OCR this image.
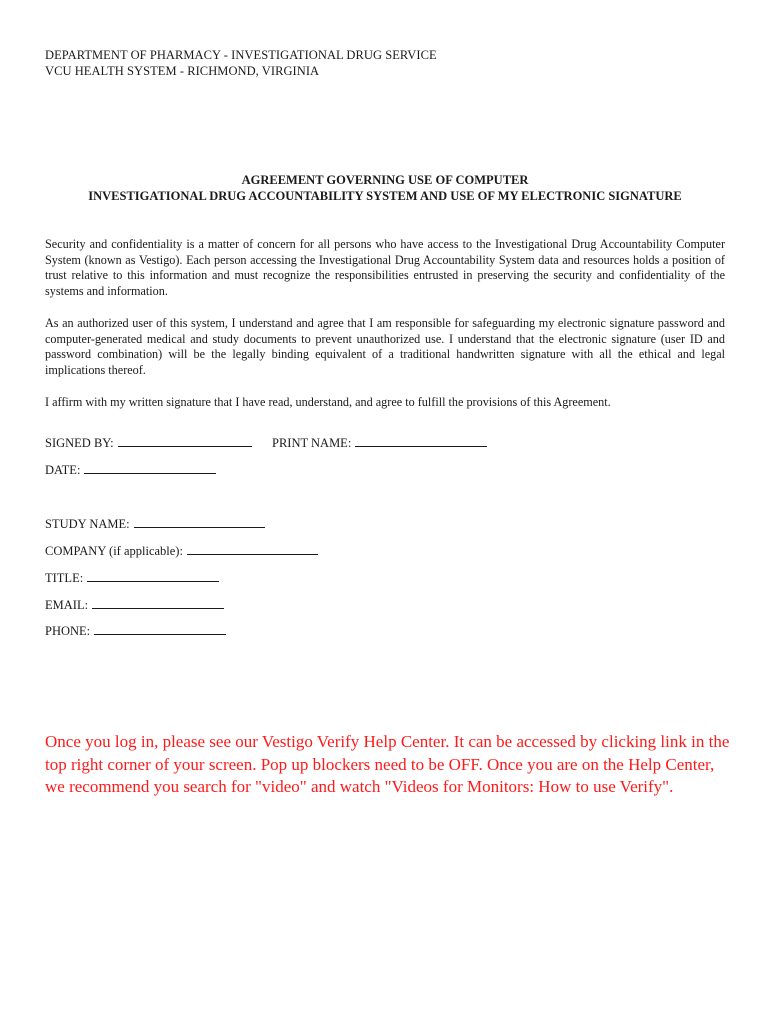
DEPARTMENT OF PHARMACY - INVESTIGATIONAL DRUG SERVICE
VCU HEALTH SYSTEM - RICHMOND, VIRGINIA
AGREEMENT GOVERNING USE OF COMPUTER
INVESTIGATIONAL DRUG ACCOUNTABILITY SYSTEM AND USE OF MY ELECTRONIC SIGNATURE
Security and confidentiality is a matter of concern for all persons who have access to the Investigational Drug Accountability Computer System (known as Vestigo). Each person accessing the Investigational Drug Accountability System data and resources holds a position of trust relative to this information and must recognize the responsibilities entrusted in preserving the security and confidentiality of the systems and information.
As an authorized user of this system, I understand and agree that I am responsible for safeguarding my electronic signature password and computer-generated medical and study documents to prevent unauthorized use. I understand that the electronic signature (user ID and password combination) will be the legally binding equivalent of a traditional handwritten signature with all the ethical and legal implications thereof.
I affirm with my written signature that I have read, understand, and agree to fulfill the provisions of this Agreement.
SIGNED BY:	PRINT NAME:
DATE:
STUDY NAME:
COMPANY (if applicable):
TITLE:
EMAIL:
PHONE:
Once you log in, please see our Vestigo Verify Help Center. It can be accessed by clicking link in the top right corner of your screen. Pop up blockers need to be OFF. Once you are on the Help Center, we recommend you search for "video" and watch "Videos for Monitors: How to use Verify".
